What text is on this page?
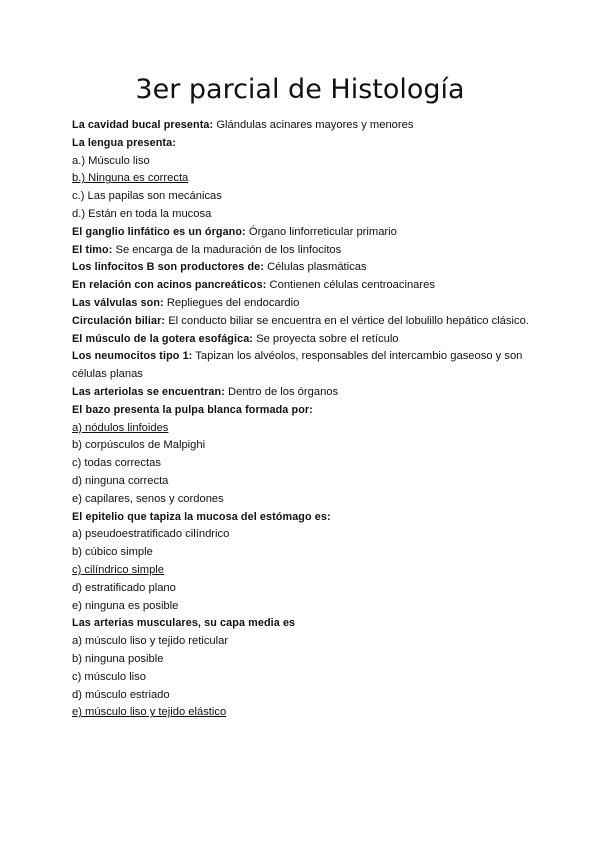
3er parcial de Histología
La cavidad bucal presenta: Glándulas acinares mayores y menores
La lengua presenta:
a.) Músculo liso
b.) Ninguna es correcta
c.) Las papilas son mecánicas
d.) Están en toda la mucosa
El ganglio linfático es un órgano: Órgano linforreticular primario
El timo: Se encarga de la maduración de los linfocitos
Los linfocitos B son productores de: Células plasmáticas
En relación con acinos pancreáticos: Contienen células centroacinares
Las válvulas son: Repliegues del endocardio
Circulación biliar: El conducto biliar se encuentra en el vértice del lobulillo hepático clásico.
El músculo de la gotera esofágica: Se proyecta sobre el retículo
Los neumocitos tipo 1: Tapizan los alvéolos, responsables del intercambio gaseoso y son células planas
Las arteriolas se encuentran: Dentro de los órganos
El bazo presenta la pulpa blanca formada por:
a) nódulos linfoides
b) corpúsculos de Malpighi
c) todas correctas
d) ninguna correcta
e) capilares, senos y cordones
El epitelio que tapiza la mucosa del estómago es:
a) pseudoestratificado cilíndrico
b) cúbico simple
c) cilíndrico simple
d) estratificado plano
e) ninguna es posible
Las arterias musculares, su capa media es
a) músculo liso y tejido reticular
b) ninguna posible
c) músculo liso
d) músculo estriado
e) músculo liso y tejido elástico
